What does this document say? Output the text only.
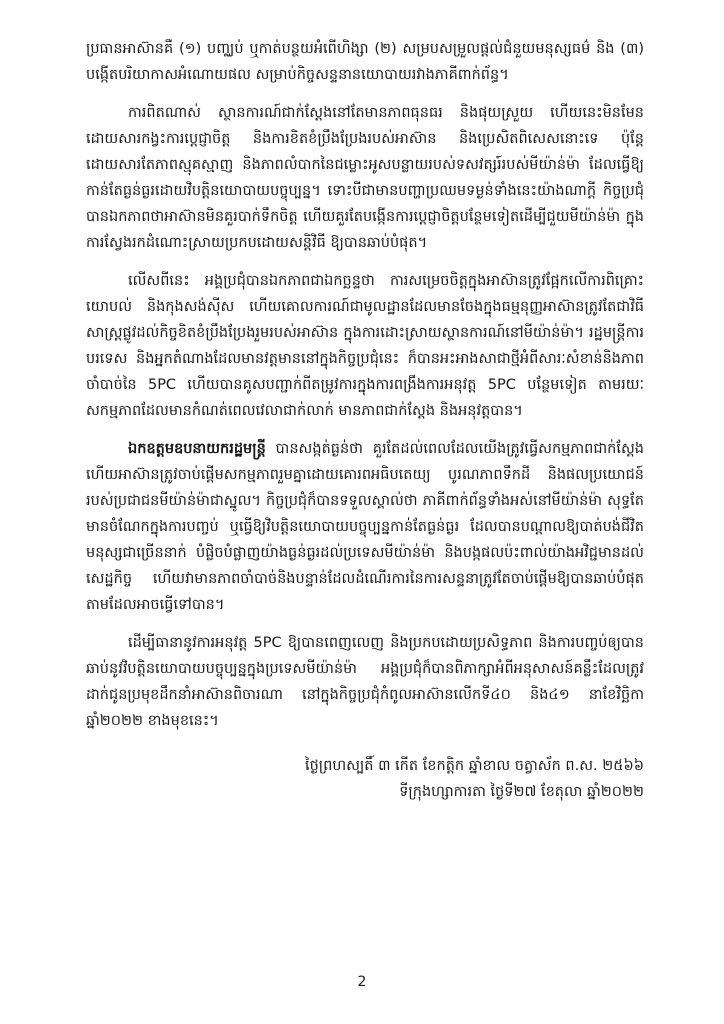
ប្រធានអាស៊ានគឺ (១) បញ្ឈប់ ឬកាត់បន្ថយអំពើហិង្សា (២) សម្របសម្រួលផ្តល់ជំនួយមនុស្សធម៌ និង (៣) បង្កើតបរិយាកាសអំណោយផល សម្រាប់កិច្ចសន្ទនានយោបាយរវាងភាគីពាក់ព័ន្ធ។

ការពិតណាស់ ស្ថានការណ៍ជាក់ស្តែងនៅតែមានភាពធុនធរ និងផុយស្រួយ ហើយនេះមិនមែនដោយសារកង្វះការប្តេជ្ញាចិត្ត និងការខិតខំប្រឹងប្រែងរបស់អាស៊ាន និងប្រេសិតពិសេសនោះទេ ប៉ុន្តែដោយសារតែភាពស្មុគស្មាញ និងភាពលំបាកនៃជម្លោះអូសបន្លាយរបស់ទសវត្សរ៍របស់មីយ៉ាន់ម៉ា ដែលធ្វើឱ្យកាន់តែធ្ងន់ធ្ងរដោយវិបត្តិនយោបាយបច្ចុប្បន្ន។ ទោះបីជាមានបញ្ហាប្រឈមទម្ងន់ទាំងនេះយ៉ាងណាក្តី កិច្ចប្រជុំបានឯកភាពថាអាស៊ានមិនគួរបាក់ទឹកចិត្ត ហើយគួរតែបង្កើនការប្តេជ្ញាចិត្តបន្ថែមទៀតដើម្បីជួយមីយ៉ាន់ម៉ា ក្នុងការស្វែងរកដំណោះស្រាយប្រកបដោយសន្តិវិធី ឱ្យបានឆាប់បំផុត។

លើសពីនេះ អង្គប្រជុំបានឯកភាពជាឯកច្ឆន្ទថា ការសម្រេចចិត្តក្នុងអាស៊ានត្រូវផ្អែកលើការពិគ្រោះយោបល់ និងកុងសង់ស៊ីស ហើយគោលការណ៍ជាមូលដ្ឋានដែលមានចែងក្នុងធម្មនុញ្ញអាស៊ានត្រូវតែជាវិធីសាស្ត្រផ្លូវដល់កិច្ចខិតខំប្រឹងប្រែងរួមរបស់អាស៊ាន ក្នុងការដោះស្រាយស្ថានការណ៍នៅមីយ៉ាន់ម៉ា។ រដ្ឋមន្ត្រីការបរទេស និងអ្នកតំណាងដែលមានវត្តមាននៅក្នុងកិច្ចប្រជុំនេះ ក៏បានអះអាងសាជាថ្មីអំពីសារៈសំខាន់និងភាពចាំបាច់នៃ 5PC ហើយបានគូសបញ្ជាក់ពីតម្រូវការក្នុងការពង្រឹងការអនុវត្ត 5PC បន្ថែមទៀត តាមរយៈសកម្មភាពដែលមានកំណត់ពេលវេលាជាក់លាក់ មានភាពជាក់ស្តែង និងអនុវត្តបាន។

ឯកឧត្តមឧបនាយករដ្ឋមន្ត្រី បានសង្កត់ធ្ងន់ថា គួរតែដល់ពេលដែលយើងត្រូវធ្វើសកម្មភាពជាក់ស្តែង ហើយអាស៊ានត្រូវចាប់ផ្តើមសកម្មភាពរួមគ្នាដោយគោរពអធិបតេយ្យ បូរណភាពទឹកដី និងផលប្រយោជន៍របស់ប្រជាជនមីយ៉ាន់ម៉ាជាស្នូល។ កិច្ចប្រជុំក៏បានទទួលស្គាល់ថា ភាគីពាក់ព័ន្ធទាំងអស់នៅមីយ៉ាន់ម៉ា សុទ្ធតែមានចំណែកក្នុងការបញ្ចប់ ឬធ្វើឱ្យវិបត្តិនយោបាយបច្ចុប្បន្នកាន់តែធ្ងន់ធ្ងរ ដែលបានបណ្តាលឱ្យបាត់បង់ជីវិតមនុស្សជាច្រើននាក់ បំផ្លិចបំផ្លាញយ៉ាងធ្ងន់ធ្ងរដល់ប្រទេសមីយ៉ាន់ម៉ា និងបង្កផលប៉ះពាល់យ៉ាងអវិជ្ជមានដល់សេដ្ឋកិច្ច ហើយវាមានភាពចាំបាច់និងបន្ទាន់ដែលដំណើរការនៃការសន្ទនាត្រូវតែចាប់ផ្តើមឱ្យបានឆាប់បំផុតតាមដែលអាចធ្វើទៅបាន។

ដើម្បីធានានូវការអនុវត្ត 5PC ឱ្យបានពេញលេញ និងប្រកបដោយប្រសិទ្ធភាព និងការបញ្ចប់ឲ្យបានឆាប់នូវវិបត្តិនយោបាយបច្ចុប្បន្នក្នុងប្រទេសមីយ៉ាន់ម៉ា អង្គប្រជុំក៏បានពិភាក្សាអំពីអនុសាសន៍គន្លឹះដែលត្រូវដាក់ជូនប្រមុខដឹកនាំអាស៊ានពិចារណា នៅក្នុងកិច្ចប្រជុំកំពូលអាស៊ានលើកទី៤០ និង៤១ នាខែវិច្ឆិកា ឆ្នាំ២០២២ ខាងមុខនេះ។

ថ្ងៃព្រហស្បតិ៍ ៣ កើត ខែកត្តិក ឆ្នាំខាល ចត្វាស័ក ព.ស. ២៥៦៦
ទីក្រុងហ្សាការតា ថ្ងៃទី២៧ ខែតុលា ឆ្នាំ២០២២
2
